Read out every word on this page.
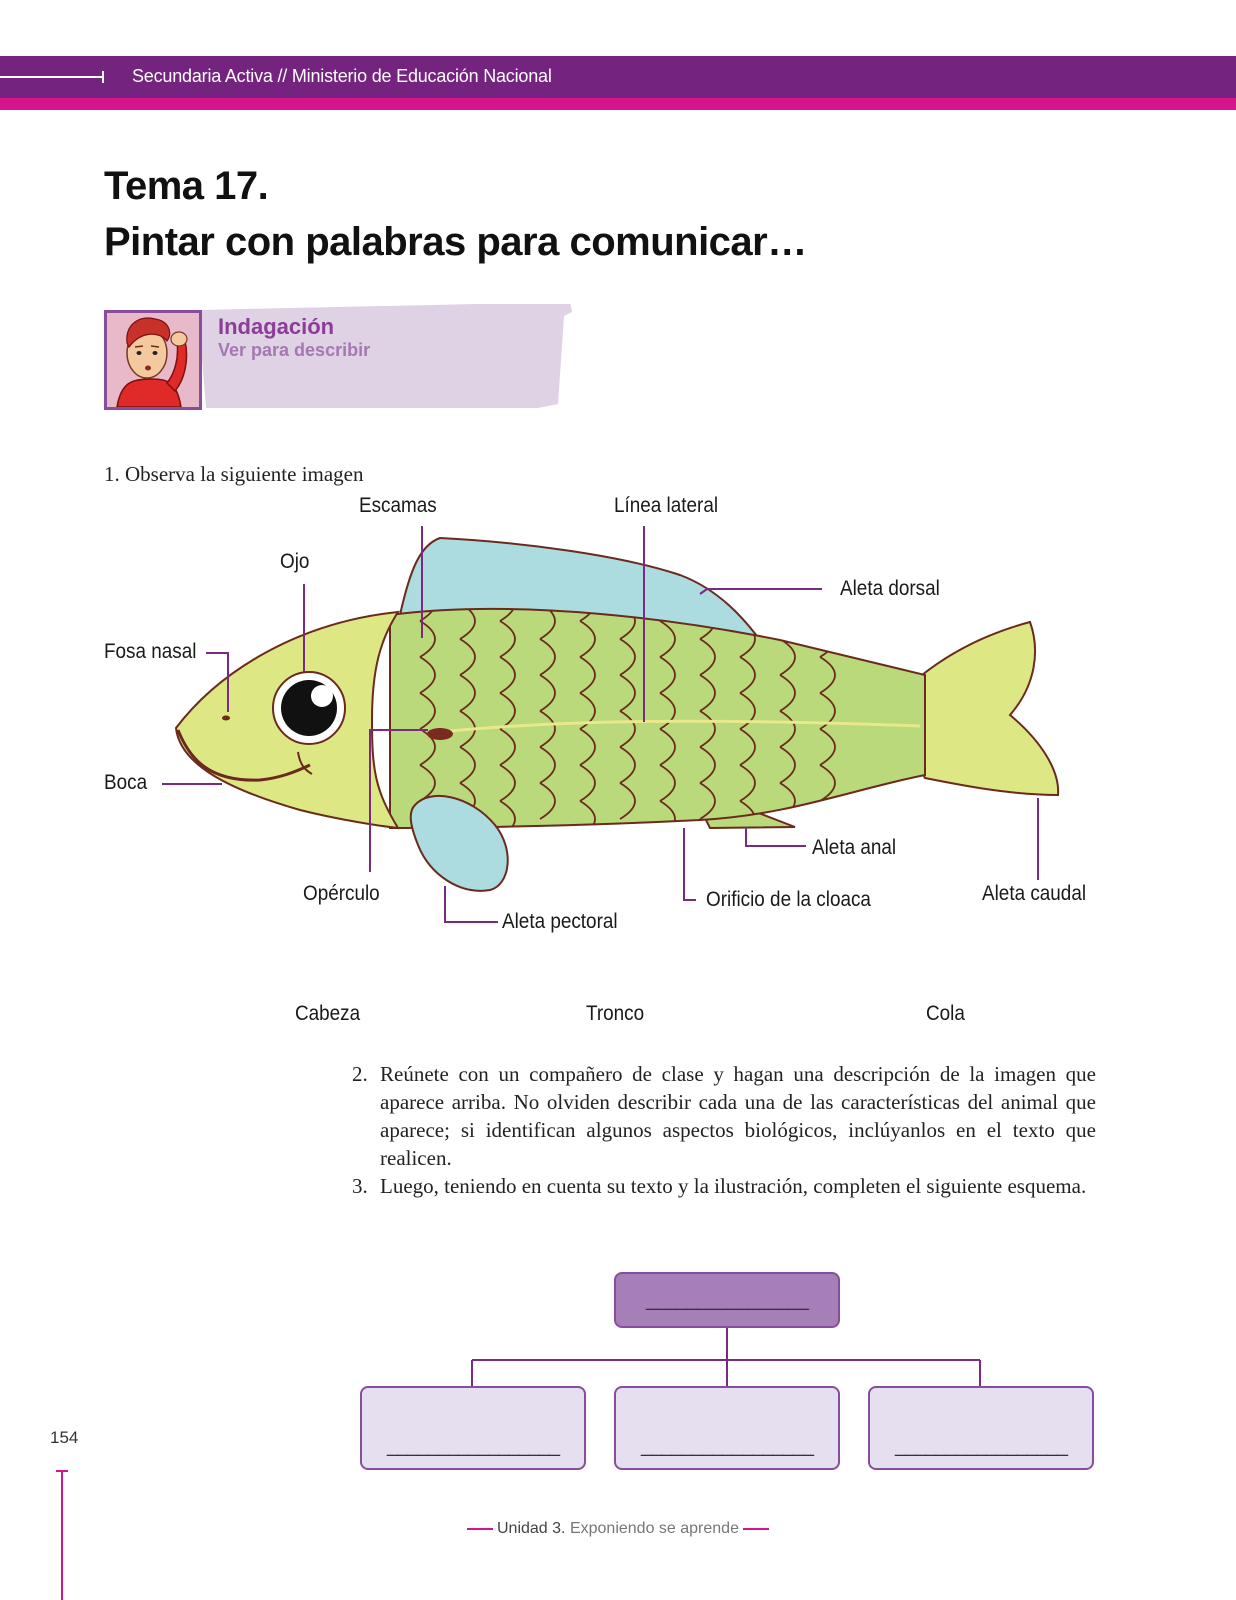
Secundaria Activa // Ministerio de Educación Nacional
Tema 17.
Pintar con palabras para comunicar…
Indagación
Ver para describir
1. Observa la siguiente imagen
Escamas	Línea lateral
Ojo
Aleta dorsal
Fosa nasal
Boca
Aleta anal
Opérculo	Orificio de la cloaca	Aleta caudal
Aleta pectoral
Cabeza	Tronco	Cola
2. Reúnete con un compañero de clase y hagan una descripción de la imagen que aparece arriba. No olviden describir cada una de las características del animal que aparece; si identifican algunos aspectos biológicos, inclúyanlos en el texto que realicen.
3. Luego, teniendo en cuenta su texto y la ilustración, completen el siguiente esquema.
________________
_________________	_________________	_________________
154
Unidad 3. Exponiendo se aprende
